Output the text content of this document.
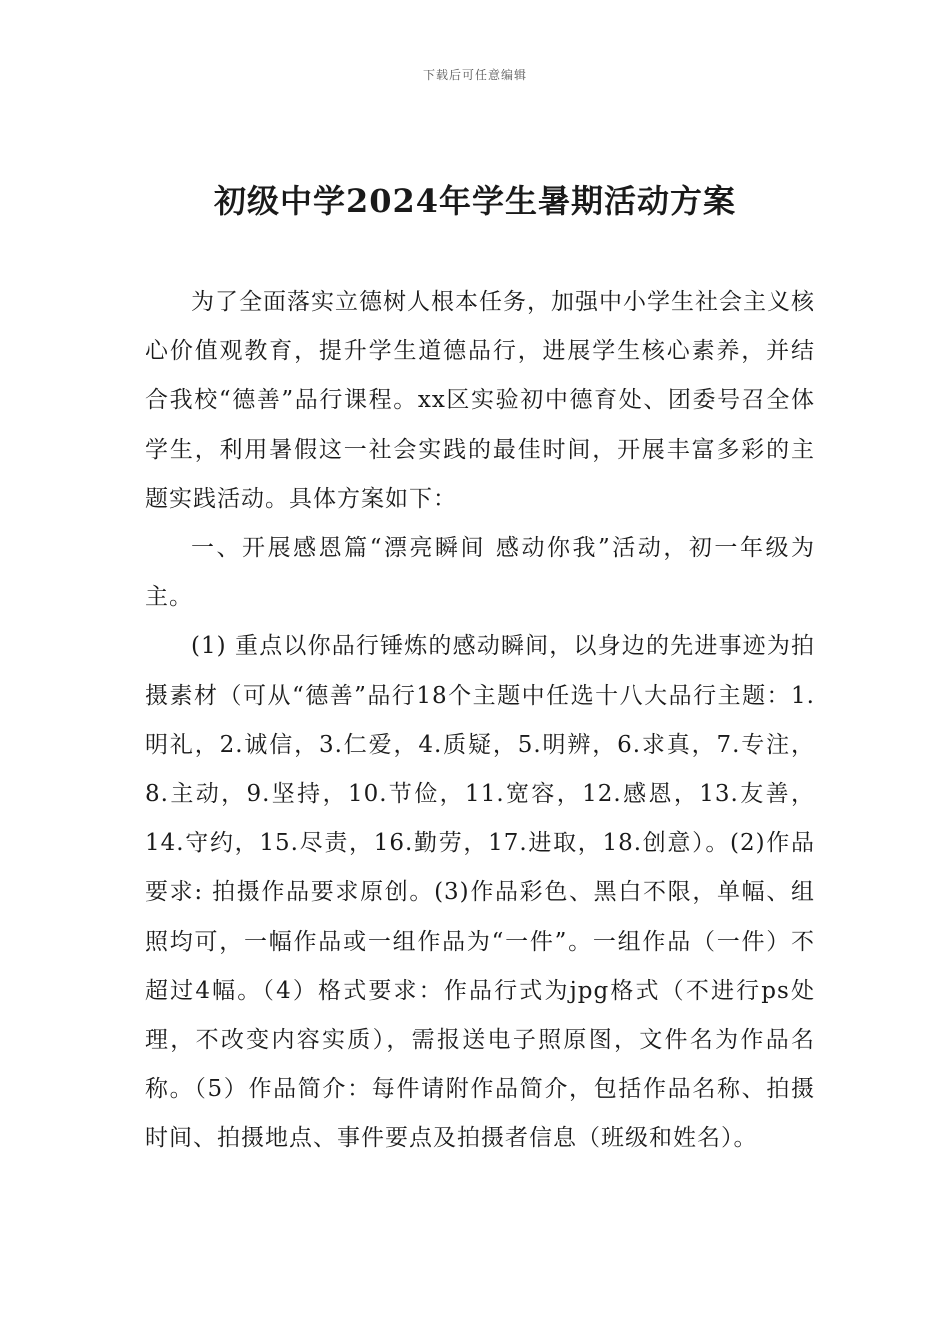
下载后可任意编辑
初级中学2024年学生暑期活动方案

为了全面落实立德树人根本任务，加强中小学生社会主义核心价值观教育，提升学生道德品行，进展学生核心素养，并结合我校“德善”品行课程。xx区实验初中德育处、团委号召全体学生，利用暑假这一社会实践的最佳时间，开展丰富多彩的主题实践活动。具体方案如下：

一、开展感恩篇“漂亮瞬间 感动你我”活动，初一年级为主。

(1) 重点以你品行锤炼的感动瞬间，以身边的先进事迹为拍摄素材（可从“德善”品行18个主题中任选十八大品行主题：1.明礼，2.诚信，3.仁爱，4.质疑，5.明辨，6.求真，7.专注，8.主动，9.坚持，10.节俭，11.宽容，12.感恩，13.友善，14.守约，15.尽责，16.勤劳，17.进取，18.创意）。(2)作品要求: 拍摄作品要求原创。(3)作品彩色、黑白不限，单幅、组照均可，一幅作品或一组作品为“一件”。一组作品（一件）不超过4幅。（4）格式要求：作品行式为jpg格式（不进行ps处理，不改变内容实质），需报送电子照原图，文件名为作品名称。（5）作品简介：每件请附作品简介，包括作品名称、拍摄时间、拍摄地点、事件要点及拍摄者信息（班级和姓名）。
